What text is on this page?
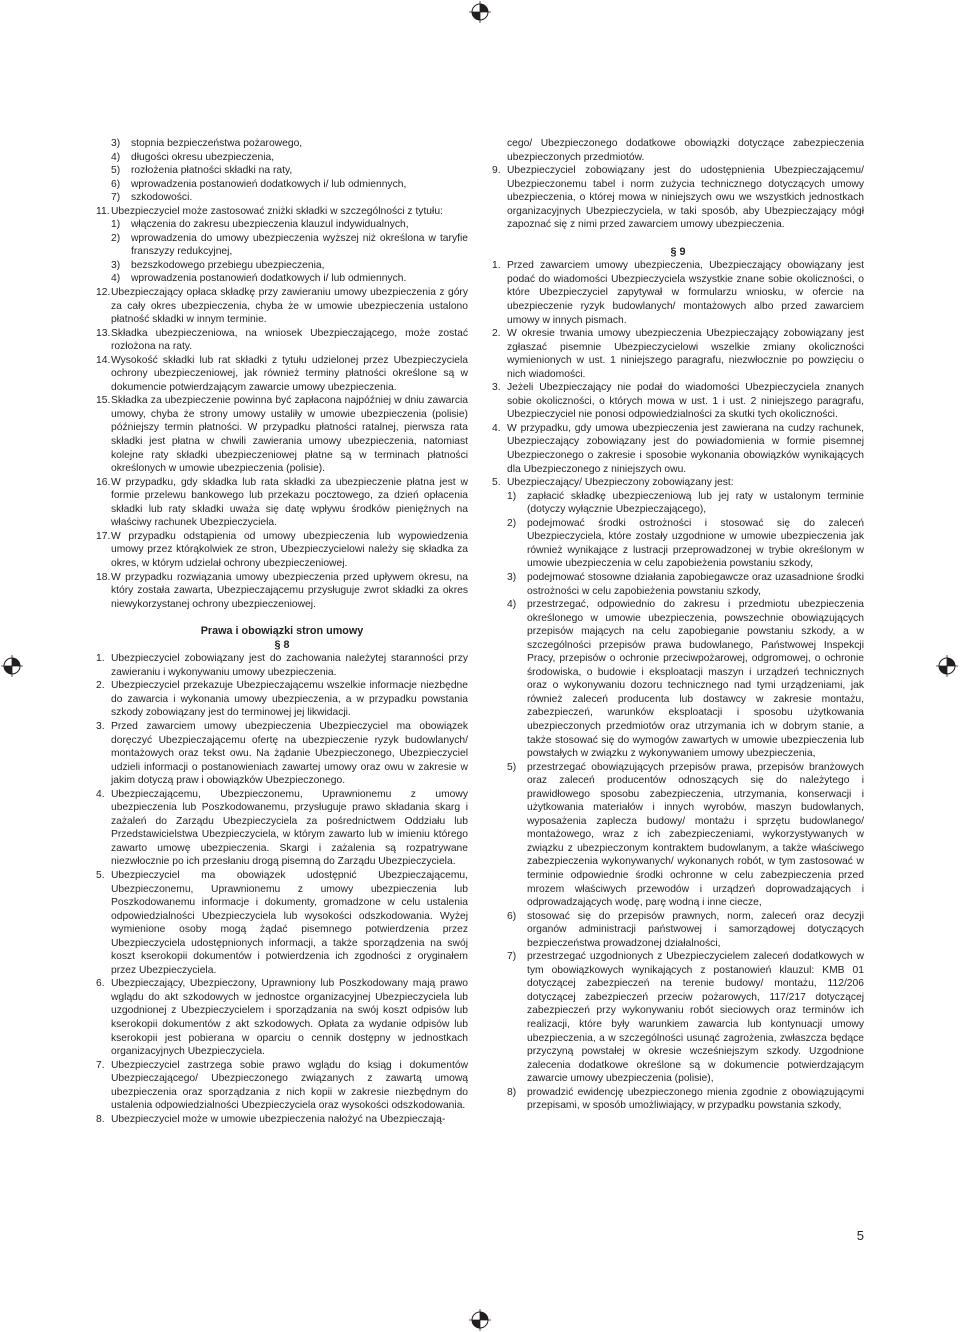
3)	stopnia bezpieczeństwa pożarowego,
4)	długości okresu ubezpieczenia,
5)	rozłożenia płatności składki na raty,
6)	wprowadzenia postanowień dodatkowych i/ lub odmiennych,
7)	szkodowości.
11. Ubezpieczyciel może zastosować zniżki składki w szczególności z tytułu:
1)	włączenia do zakresu ubezpieczenia klauzul indywidualnych,
2)	wprowadzenia do umowy ubezpieczenia wyższej niż określona w taryfie franszyzy redukcyjnej,
3)	bezszkodowego przebiegu ubezpieczenia,
4)	wprowadzenia postanowień dodatkowych i/ lub odmiennych.
12. Ubezpieczający opłaca składkę przy zawieraniu umowy ubezpieczenia z góry za cały okres ubezpieczenia, chyba że w umowie ubezpieczenia ustalono płatność składki w innym terminie.
13. Składka ubezpieczeniowa, na wniosek Ubezpieczającego, może zostać rozłożona na raty.
14. Wysokość składki lub rat składki z tytułu udzielonej przez Ubezpieczyciela ochrony ubezpieczeniowej, jak również terminy płatności określone są w dokumencie potwierdzającym zawarcie umowy ubezpieczenia.
15. Składka za ubezpieczenie powinna być zapłacona najpóźniej w dniu zawarcia umowy, chyba że strony umowy ustaliły w umowie ubezpieczenia (polisie) późniejszy termin płatności. W przypadku płatności ratalnej, pierwsza rata składki jest płatna w chwili zawierania umowy ubezpieczenia, natomiast kolejne raty składki ubezpieczeniowej płatne są w terminach płatności określonych w umowie ubezpieczenia (polisie).
16. W przypadku, gdy składka lub rata składki za ubezpieczenie płatna jest w formie przelewu bankowego lub przekazu pocztowego, za dzień opłacenia składki lub raty składki uważa się datę wpływu środków pieniężnych na właściwy rachunek Ubezpieczyciela.
17. W przypadku odstąpienia od umowy ubezpieczenia lub wypowiedzenia umowy przez którąkolwiek ze stron, Ubezpieczycielowi należy się składka za okres, w którym udzielał ochrony ubezpieczeniowej.
18. W przypadku rozwiązania umowy ubezpieczenia przed upływem okresu, na który została zawarta, Ubezpieczającemu przysługuje zwrot składki za okres niewykorzystanej ochrony ubezpieczeniowej.

Prawa i obowiązki stron umowy

§ 8

1. Ubezpieczyciel zobowiązany jest do zachowania należytej staranności przy zawieraniu i wykonywaniu umowy ubezpieczenia.
2. Ubezpieczyciel przekazuje Ubezpieczającemu wszelkie informacje niezbędne do zawarcia i wykonania umowy ubezpieczenia, a w przypadku powstania szkody zobowiązany jest do terminowej jej likwidacji.
3. Przed zawarciem umowy ubezpieczenia Ubezpieczyciel ma obowiązek doręczyć Ubezpieczającemu ofertę na ubezpieczenie ryzyk budowlanych/ montażowych oraz tekst owu. Na żądanie Ubezpieczonego, Ubezpieczyciel udzieli informacji o postanowieniach zawartej umowy oraz owu w zakresie w jakim dotyczą praw i obowiązków Ubezpieczonego.
4. Ubezpieczającemu, Ubezpieczonemu, Uprawnionemu z umowy ubezpieczenia lub Poszkodowanemu, przysługuje prawo składania skarg i zażaleń do Zarządu Ubezpieczyciela za pośrednictwem Oddziału lub Przedstawicielstwa Ubezpieczyciela, w którym zawarto lub w imieniu którego zawarto umowę ubezpieczenia. Skargi i zażalenia są rozpatrywane niezwłocznie po ich przesłaniu drogą pisemną do Zarządu Ubezpieczyciela.
5. Ubezpieczyciel ma obowiązek udostępnić Ubezpieczającemu, Ubezpieczonemu, Uprawnionemu z umowy ubezpieczenia lub Poszkodowanemu informacje i dokumenty, gromadzone w celu ustalenia odpowiedzialności Ubezpieczyciela lub wysokości odszkodowania. Wyżej wymienione osoby mogą żądać pisemnego potwierdzenia przez Ubezpieczyciela udostępnionych informacji, a także sporządzenia na swój koszt kserokopii dokumentów i potwierdzenia ich zgodności z oryginałem przez Ubezpieczyciela.
6. Ubezpieczający, Ubezpieczony, Uprawniony lub Poszkodowany mają prawo wglądu do akt szkodowych w jednostce organizacyjnej Ubezpieczyciela lub uzgodnionej z Ubezpieczycielem i sporządzania na swój koszt odpisów lub kserokopii dokumentów z akt szkodowych. Opłata za wydanie odpisów lub kserokopii jest pobierana w oparciu o cennik dostępny w jednostkach organizacyjnych Ubezpieczyciela.
7. Ubezpieczyciel zastrzega sobie prawo wglądu do ksiąg i dokumentów Ubezpieczającego/ Ubezpieczonego związanych z zawartą umową ubezpieczenia oraz sporządzania z nich kopii w zakresie niezbędnym do ustalenia odpowiedzialności Ubezpieczyciela oraz wysokości odszkodowania.
8. Ubezpieczyciel może w umowie ubezpieczenia nałożyć na Ubezpieczają-

cego/ Ubezpieczonego dodatkowe obowiązki dotyczące zabezpieczenia ubezpieczonych przedmiotów.

9. Ubezpieczyciel zobowiązany jest do udostępnienia Ubezpieczającemu/ Ubezpieczonemu tabel i norm zużycia technicznego dotyczących umowy ubezpieczenia, o której mowa w niniejszych owu we wszystkich jednostkach organizacyjnych Ubezpieczyciela, w taki sposób, aby Ubezpieczający mógł zapoznać się z nimi przed zawarciem umowy ubezpieczenia.

§ 9

1. Przed zawarciem umowy ubezpieczenia, Ubezpieczający obowiązany jest podać do wiadomości Ubezpieczyciela wszystkie znane sobie okoliczności, o które Ubezpieczyciel zapytywał w formularzu wniosku, w ofercie na ubezpieczenie ryzyk budowlanych/ montażowych albo przed zawarciem umowy w innych pismach.
2. W okresie trwania umowy ubezpieczenia Ubezpieczający zobowiązany jest zgłaszać pisemnie Ubezpieczycielowi wszelkie zmiany okoliczności wymienionych w ust. 1 niniejszego paragrafu, niezwłocznie po powzięciu o nich wiadomości.
3. Jeżeli Ubezpieczający nie podał do wiadomości Ubezpieczyciela znanych sobie okoliczności, o których mowa w ust. 1 i ust. 2 niniejszego paragrafu, Ubezpieczyciel nie ponosi odpowiedzialności za skutki tych okoliczności.
4. W przypadku, gdy umowa ubezpieczenia jest zawierana na cudzy rachunek, Ubezpieczający zobowiązany jest do powiadomienia w formie pisemnej Ubezpieczonego o zakresie i sposobie wykonania obowiązków wynikających dla Ubezpieczonego z niniejszych owu.
5. Ubezpieczający/ Ubezpieczony zobowiązany jest:
1)	zapłacić składkę ubezpieczeniową lub jej raty w ustalonym terminie (dotyczy wyłącznie Ubezpieczającego),
2)	podejmować środki ostrożności i stosować się do zaleceń Ubezpieczyciela, które zostały uzgodnione w umowie ubezpieczenia jak również wynikające z lustracji przeprowadzonej w trybie określonym w umowie ubezpieczenia w celu zapobieżenia powstaniu szkody,
3)	podejmować stosowne działania zapobiegawcze oraz uzasadnione środki ostrożności w celu zapobieżenia powstaniu szkody,
4)	przestrzegać, odpowiednio do zakresu i przedmiotu ubezpieczenia określonego w umowie ubezpieczenia, powszechnie obowiązujących przepisów mających na celu zapobieganie powstaniu szkody, a w szczególności przepisów prawa budowlanego, Państwowej Inspekcji Pracy, przepisów o ochronie przeciwpożarowej, odgromowej, o ochronie środowiska, o budowie i eksploatacji maszyn i urządzeń technicznych oraz o wykonywaniu dozoru technicznego nad tymi urządzeniami, jak również zaleceń producenta lub dostawcy w zakresie montażu, zabezpieczeń, warunków eksploatacji i sposobu użytkowania ubezpieczonych przedmiotów oraz utrzymania ich w dobrym stanie, a także stosować się do wymogów zawartych w umowie ubezpieczenia lub powstałych w związku z wykonywaniem umowy ubezpieczenia,
5)	przestrzegać obowiązujących przepisów prawa, przepisów branżowych oraz zaleceń producentów odnoszących się do należytego i prawidłowego sposobu zabezpieczenia, utrzymania, konserwacji i użytkowania materiałów i innych wyrobów, maszyn budowlanych, wyposażenia zaplecza budowy/ montażu i sprzętu budowlanego/ montażowego, wraz z ich zabezpieczeniami, wykorzystywanych w związku z ubezpieczonym kontraktem budowlanym, a także właściwego zabezpieczenia wykonywanych/ wykonanych robót, w tym zastosować w terminie odpowiednie środki ochronne w celu zabezpieczenia przed mrozem właściwych przewodów i urządzeń doprowadzających i odprowadzających wodę, parę wodną i inne ciecze,
6)	stosować się do przepisów prawnych, norm, zaleceń oraz decyzji organów administracji państwowej i samorządowej dotyczących bezpieczeństwa prowadzonej działalności,
7)	przestrzegać uzgodnionych z Ubezpieczycielem zaleceń dodatkowych w tym obowiązkowych wynikających z postanowień klauzul: KMB 01 dotyczącej zabezpieczeń na terenie budowy/ montażu, 112/206 dotyczącej zabezpieczeń przeciw pożarowych, 117/217 dotyczącej zabezpieczeń przy wykonywaniu robót sieciowych oraz terminów ich realizacji, które były warunkiem zawarcia lub kontynuacji umowy ubezpieczenia, a w szczególności usunąć zagrożenia, zwłaszcza będące przyczyną powstałej w okresie wcześniejszym szkody. Uzgodnione zalecenia dodatkowe określone są w dokumencie potwierdzającym zawarcie umowy ubezpieczenia (polisie),
8)	prowadzić ewidencję ubezpieczonego mienia zgodnie z obowiązującymi przepisami, w sposób umożliwiający, w przypadku powstania szkody,
5
